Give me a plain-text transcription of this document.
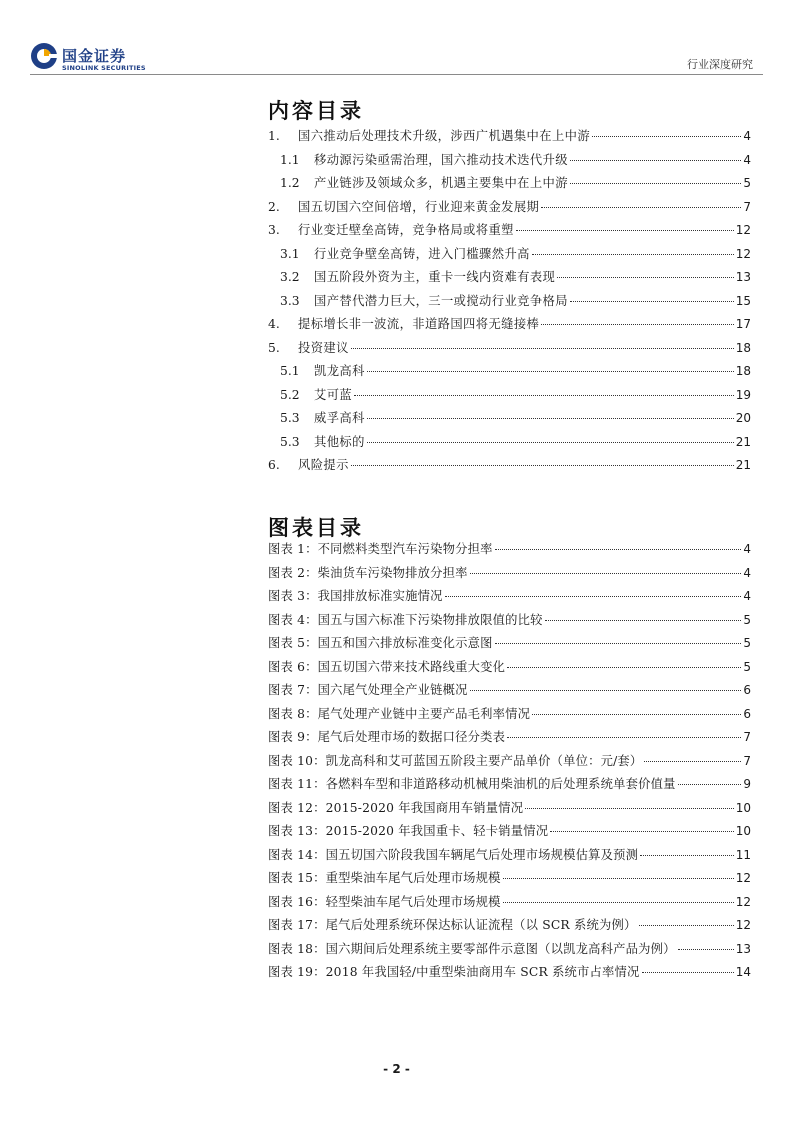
国金证券
SINOLINK SECURITIES	行业深度研究
内容目录
1.	国六推动后处理技术升级，涉西广机遇集中在上中游	4
1.1	移动源污染亟需治理，国六推动技术迭代升级	4
1.2	产业链涉及领域众多，机遇主要集中在上中游	5
2.	国五切国六空间倍增，行业迎来黄金发展期	7
3.	行业变迁壁垒高铸，竞争格局或将重塑	12
3.1	行业竞争壁垒高铸，进入门槛骤然升高	12
3.2	国五阶段外资为主，重卡一线内资难有表现	13
3.3	国产替代潜力巨大，三一或搅动行业竞争格局	15
4.	提标增长非一波流，非道路国四将无缝接棒	17
5.	投资建议	18
5.1	凯龙高科	18
5.2	艾可蓝	19
5.3	威孚高科	20
5.3	其他标的	21
6.	风险提示	21
图表目录
图表 1：不同燃料类型汽车污染物分担率	4
图表 2：柴油货车污染物排放分担率	4
图表 3：我国排放标准实施情况	4
图表 4：国五与国六标准下污染物排放限值的比较	5
图表 5：国五和国六排放标准变化示意图	5
图表 6：国五切国六带来技术路线重大变化	5
图表 7：国六尾气处理全产业链概况	6
图表 8：尾气处理产业链中主要产品毛利率情况	6
图表 9：尾气后处理市场的数据口径分类表	7
图表 10：凯龙高科和艾可蓝国五阶段主要产品单价（单位：元/套）	7
图表 11：各燃料车型和非道路移动机械用柴油机的后处理系统单套价值量	9
图表 12：2015-2020 年我国商用车销量情况	10
图表 13：2015-2020 年我国重卡、轻卡销量情况	10
图表 14：国五切国六阶段我国车辆尾气后处理市场规模估算及预测	11
图表 15：重型柴油车尾气后处理市场规模	12
图表 16：轻型柴油车尾气后处理市场规模	12
图表 17：尾气后处理系统环保达标认证流程（以 SCR 系统为例）	12
图表 18：国六期间后处理系统主要零部件示意图（以凯龙高科产品为例）	13
图表 19：2018 年我国轻/中重型柴油商用车 SCR 系统市占率情况	14
- 2 -
